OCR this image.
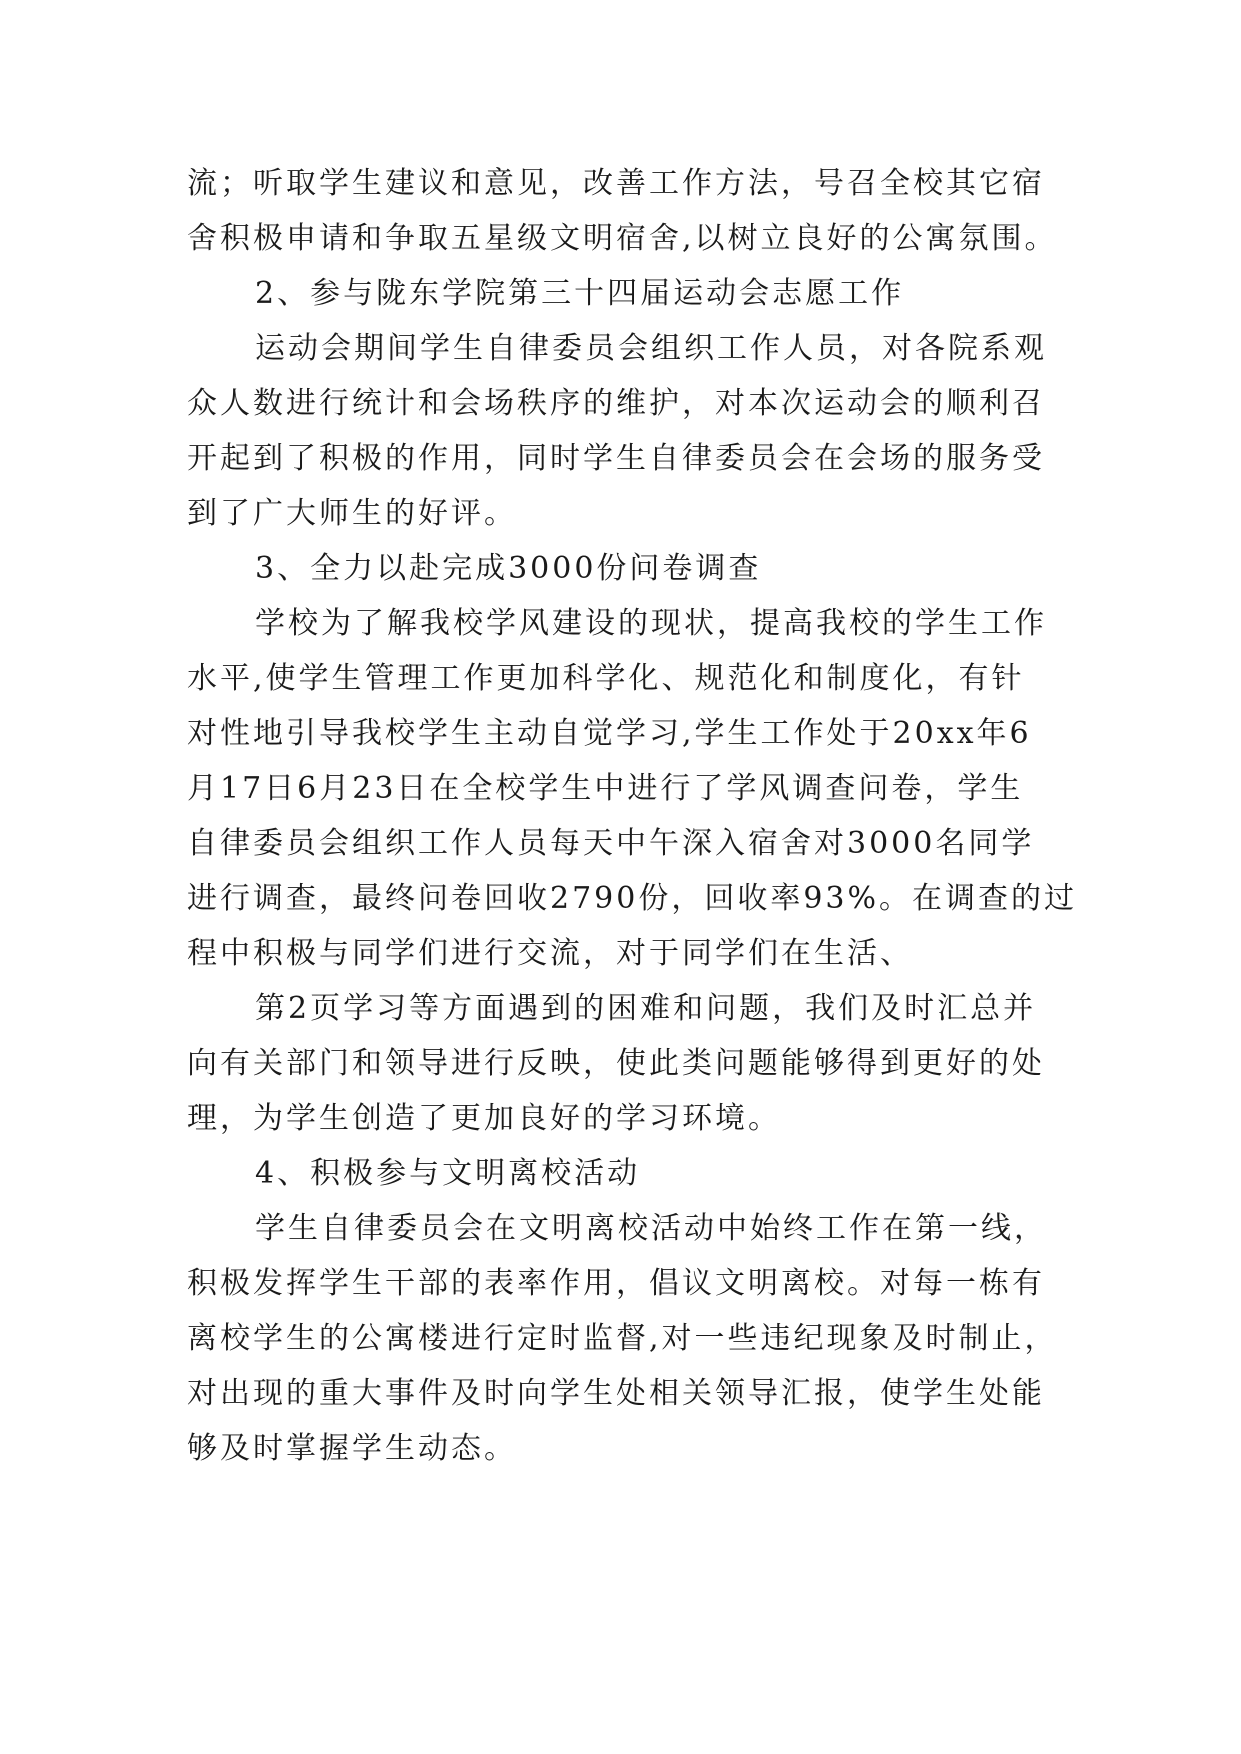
流；听取学生建议和意见，改善工作方法，号召全校其它宿
舍积极申请和争取五星级文明宿舍,以树立良好的公寓氛围。
2、参与陇东学院第三十四届运动会志愿工作
运动会期间学生自律委员会组织工作人员，对各院系观
众人数进行统计和会场秩序的维护，对本次运动会的顺利召
开起到了积极的作用，同时学生自律委员会在会场的服务受
到了广大师生的好评。
3、全力以赴完成3000份问卷调查
学校为了解我校学风建设的现状，提高我校的学生工作
水平,使学生管理工作更加科学化、规范化和制度化，有针
对性地引导我校学生主动自觉学习,学生工作处于20xx年6
月17日6月23日在全校学生中进行了学风调查问卷，学生
自律委员会组织工作人员每天中午深入宿舍对3000名同学
进行调查，最终问卷回收2790份，回收率93%。在调查的过
程中积极与同学们进行交流，对于同学们在生活、
第2页学习等方面遇到的困难和问题，我们及时汇总并
向有关部门和领导进行反映，使此类问题能够得到更好的处
理，为学生创造了更加良好的学习环境。
4、积极参与文明离校活动
学生自律委员会在文明离校活动中始终工作在第一线，
积极发挥学生干部的表率作用，倡议文明离校。对每一栋有
离校学生的公寓楼进行定时监督,对一些违纪现象及时制止，
对出现的重大事件及时向学生处相关领导汇报，使学生处能
够及时掌握学生动态。
